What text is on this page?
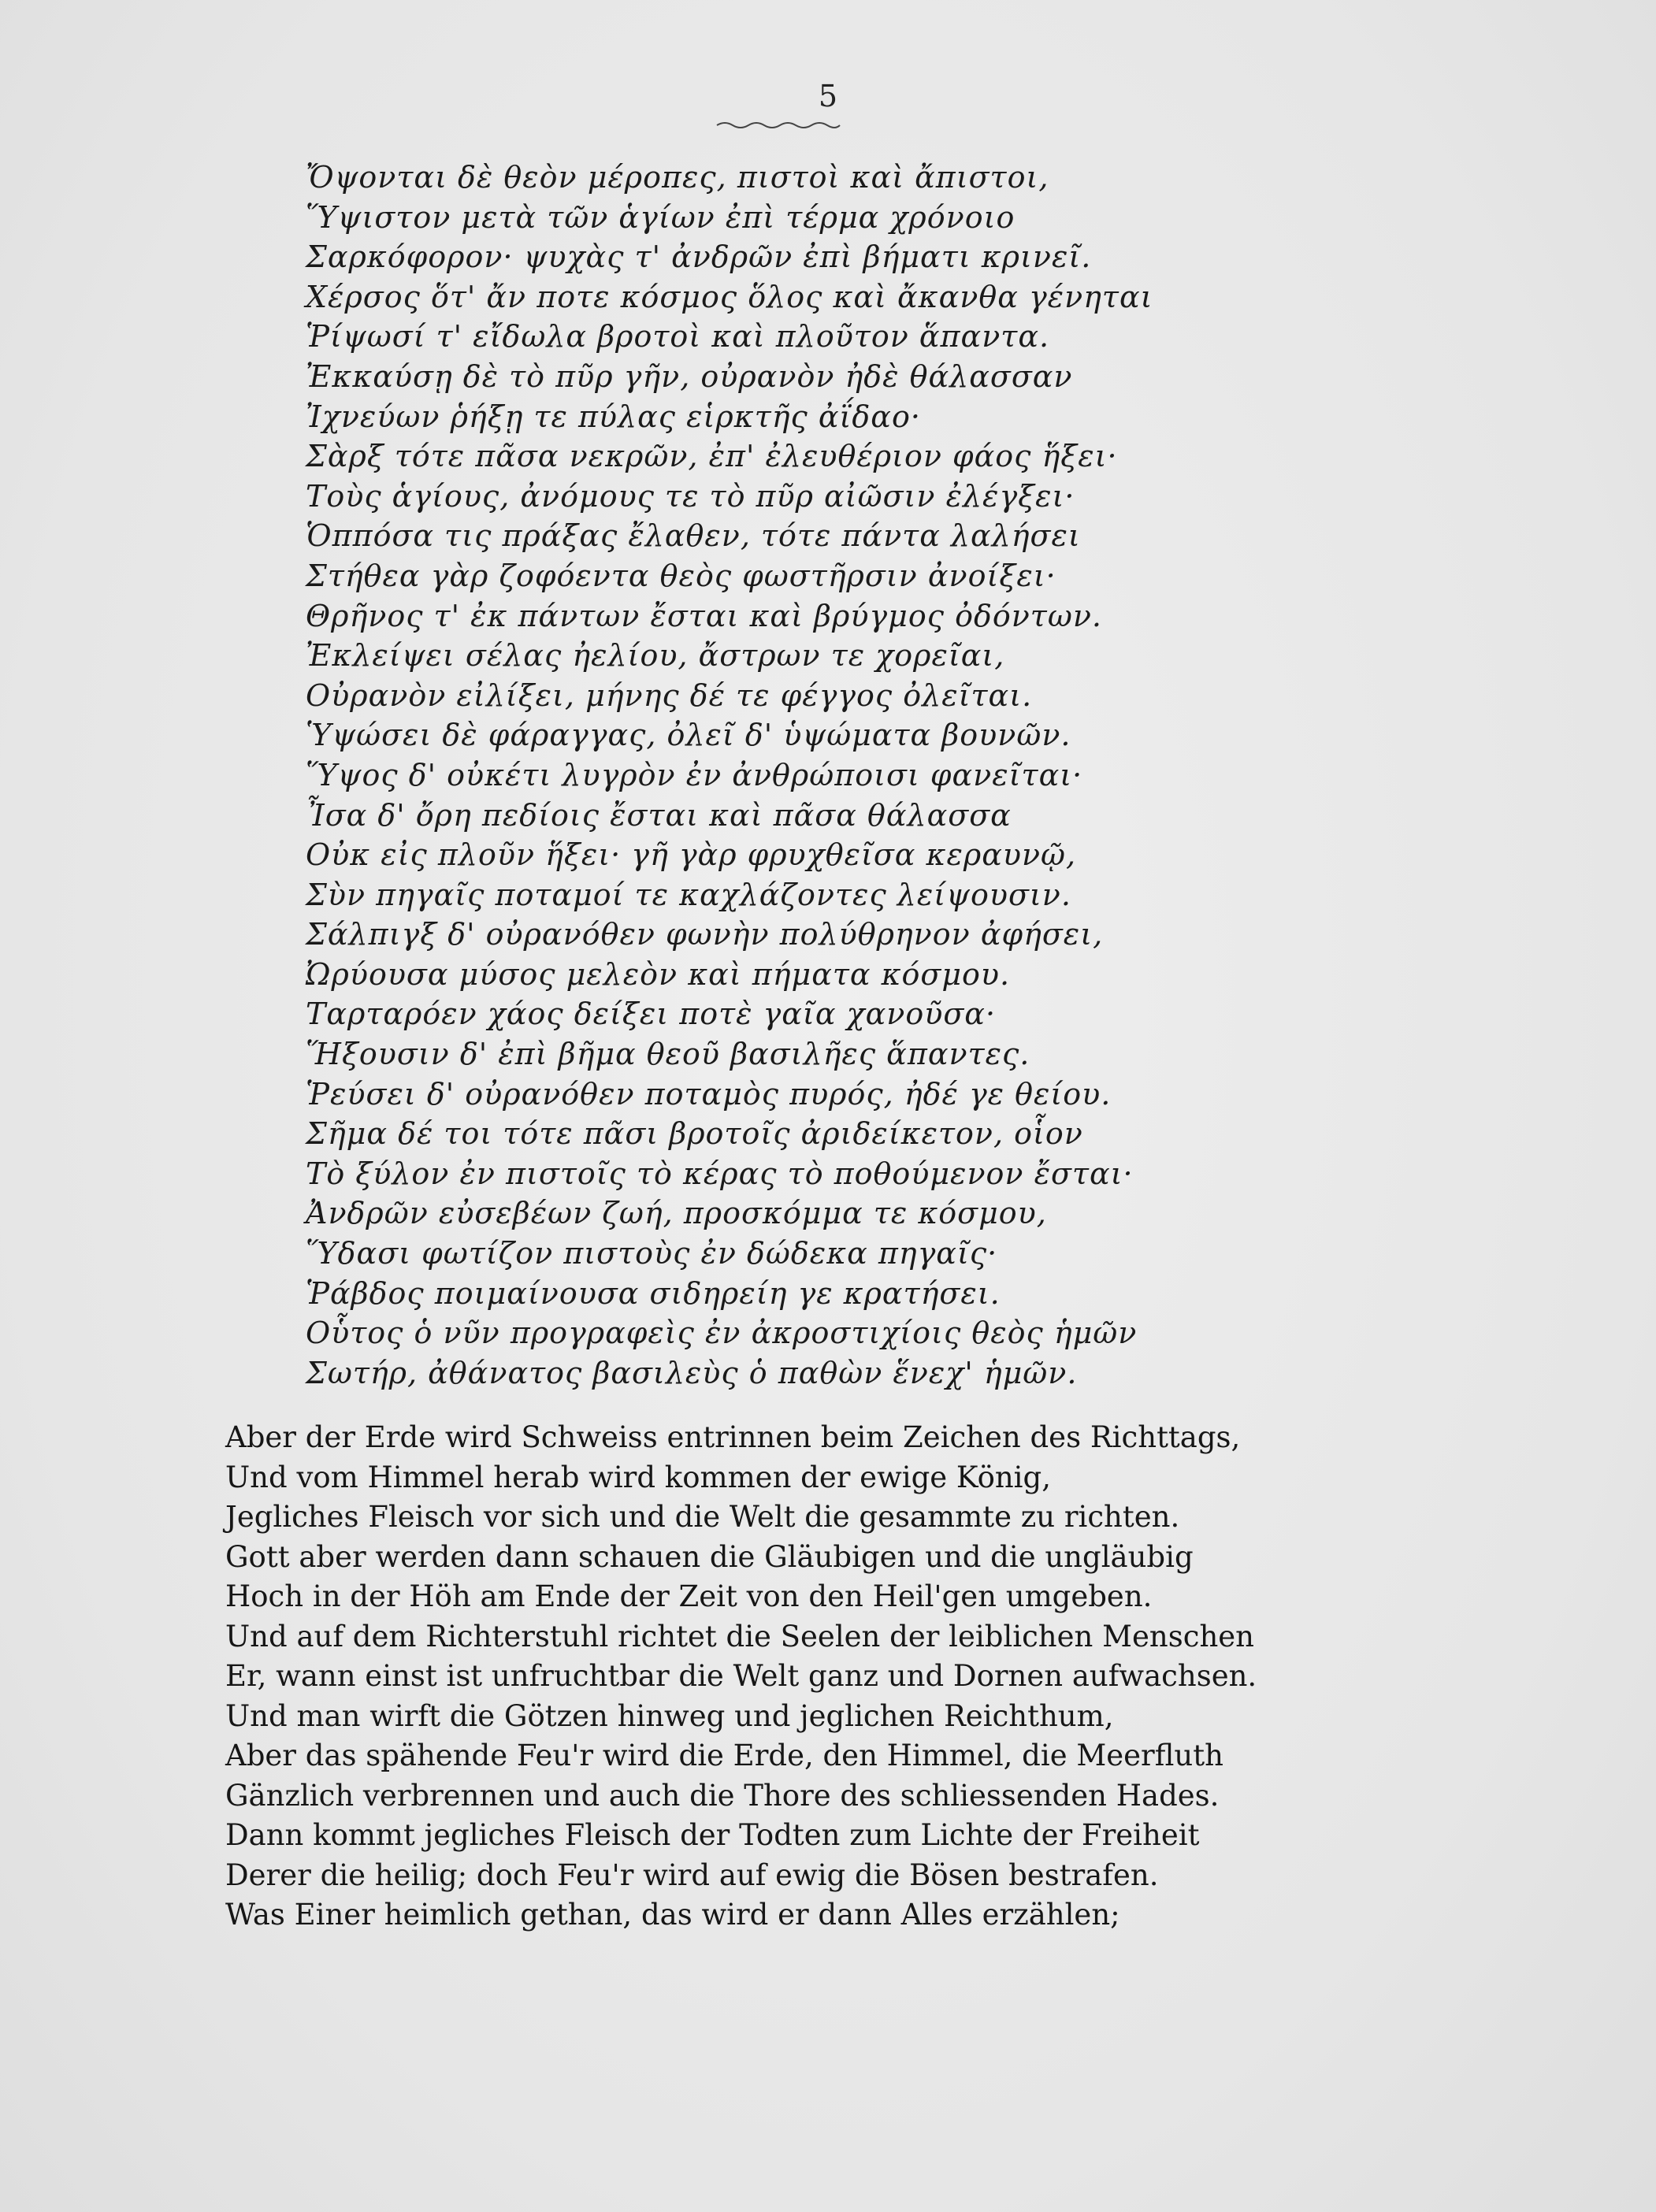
5
Ὄψονται δὲ θεὸν μέροπες, πιστοὶ καὶ ἄπιστοι,
Ὕψιστον μετὰ τῶν ἁγίων ἐπὶ τέρμα χρόνοιο
Σαρκόφορον· ψυχὰς τ' ἀνδρῶν ἐπὶ βήματι κρινεῖ.
Χέρσος ὅτ' ἄν ποτε κόσμος ὅλος καὶ ἄκανθα γένηται
Ῥίψωσί τ' εἴδωλα βροτοὶ καὶ πλοῦτον ἅπαντα.
Ἐκκαύσῃ δὲ τὸ πῦρ γῆν, οὐρανὸν ἠδὲ θάλασσαν
Ἰχνεύων ῥήξῃ τε πύλας εἱρκτῆς ἀΐδαο·
Σὰρξ τότε πᾶσα νεκρῶν, ἐπ' ἐλευθέριον φάος ἥξει·
Τοὺς ἁγίους, ἀνόμους τε τὸ πῦρ αἰῶσιν ἐλέγξει·
Ὁππόσα τις πράξας ἔλαθεν, τότε πάντα λαλήσει
Στήθεα γὰρ ζοφόεντα θεὸς φωστῆρσιν ἀνοίξει·
Θρῆνος τ' ἐκ πάντων ἔσται καὶ βρύγμος ὀδόντων.
Ἐκλείψει σέλας ἠελίου, ἄστρων τε χορεῖαι,
Οὐρανὸν εἰλίξει, μήνης δέ τε φέγγος ὀλεῖται.
Ὑψώσει δὲ φάραγγας, ὀλεῖ δ' ὑψώματα βουνῶν.
Ὕψος δ' οὐκέτι λυγρὸν ἐν ἀνθρώποισι φανεῖται·
Ἶσα δ' ὄρη πεδίοις ἔσται καὶ πᾶσα θάλασσα
Οὐκ εἰς πλοῦν ἥξει· γῆ γὰρ φρυχθεῖσα κεραυνῷ,
Σὺν πηγαῖς ποταμοί τε καχλάζοντες λείψουσιν.
Σάλπιγξ δ' οὐρανόθεν φωνὴν πολύθρηνον ἀφήσει,
Ὠρύουσα μύσος μελεὸν καὶ πήματα κόσμου.
Ταρταρόεν χάος δείξει ποτὲ γαῖα χανοῦσα·
Ἥξουσιν δ' ἐπὶ βῆμα θεοῦ βασιλῆες ἅπαντες.
Ῥεύσει δ' οὐρανόθεν ποταμὸς πυρός, ἠδέ γε θείου.
Σῆμα δέ τοι τότε πᾶσι βροτοῖς ἀριδείκετον, οἷον
Τὸ ξύλον ἐν πιστοῖς τὸ κέρας τὸ ποθούμενον ἔσται·
Ἀνδρῶν εὐσεβέων ζωή, προσκόμμα τε κόσμου,
Ὕδασι φωτίζον πιστοὺς ἐν δώδεκα πηγαῖς·
Ῥάβδος ποιμαίνουσα σιδηρείη γε κρατήσει.
Οὗτος ὁ νῦν προγραφεὶς ἐν ἀκροστιχίοις θεὸς ἡμῶν
Σωτήρ, ἀθάνατος βασιλεὺς ὁ παθὼν ἕνεχ' ἡμῶν.
Aber der Erde wird Schweiss entrinnen beim Zeichen des Richttags,
Und vom Himmel herab wird kommen der ewige König,
Jegliches Fleisch vor sich und die Welt die gesammte zu richten.
Gott aber werden dann schauen die Gläubigen und die ungläubig
Hoch in der Höh am Ende der Zeit von den Heil'gen umgeben.
Und auf dem Richterstuhl richtet die Seelen der leiblichen Menschen
Er, wann einst ist unfruchtbar die Welt ganz und Dornen aufwachsen.
Und man wirft die Götzen hinweg und jeglichen Reichthum,
Aber das spähende Feu'r wird die Erde, den Himmel, die Meerfluth
Gänzlich verbrennen und auch die Thore des schliessenden Hades.
Dann kommt jegliches Fleisch der Todten zum Lichte der Freiheit
Derer die heilig; doch Feu'r wird auf ewig die Bösen bestrafen.
Was Einer heimlich gethan, das wird er dann Alles erzählen;
